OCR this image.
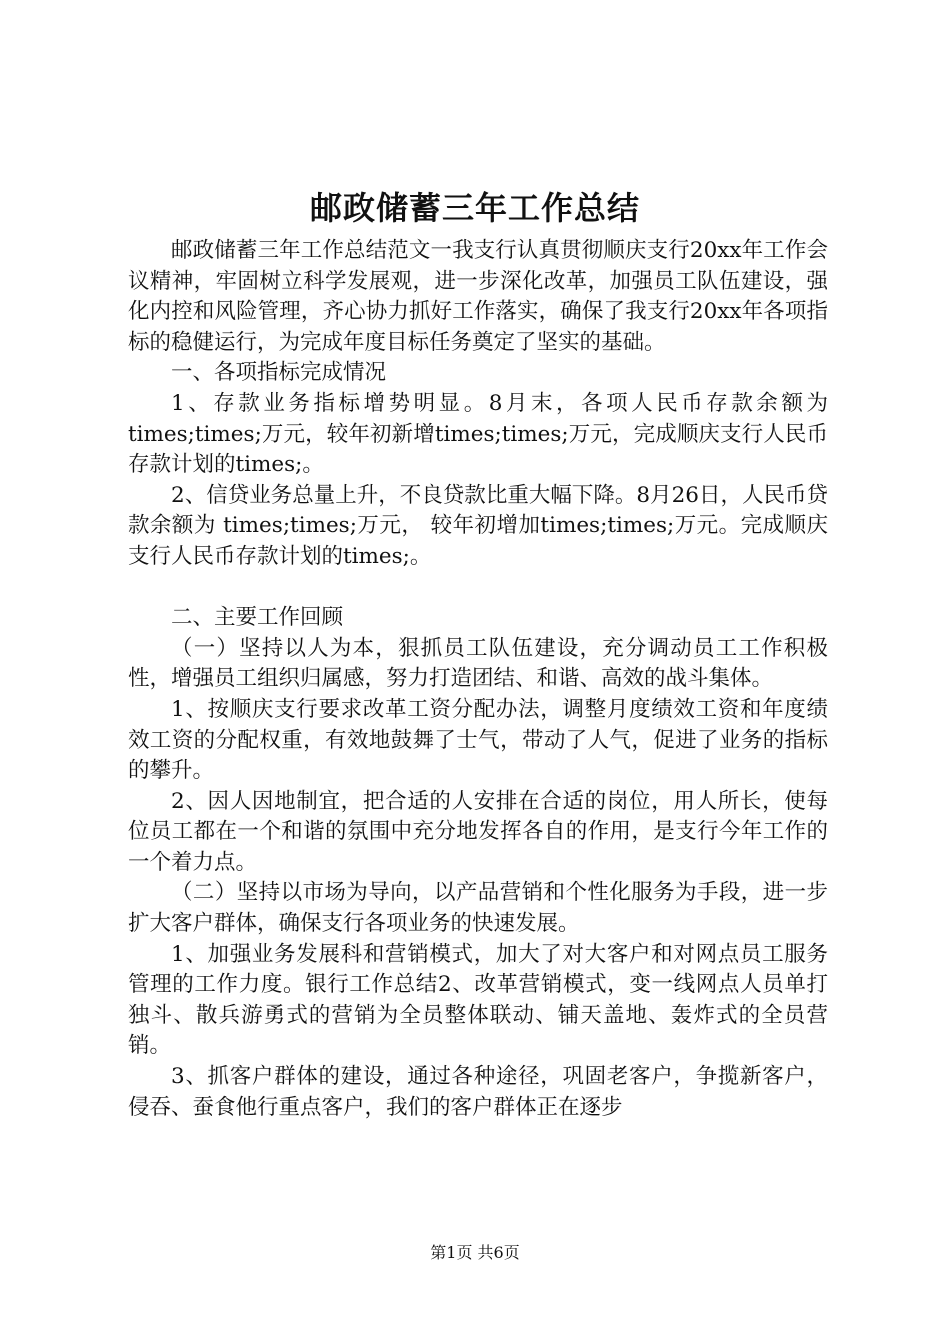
邮政储蓄三年工作总结

邮政储蓄三年工作总结范文一我支行认真贯彻顺庆支行20xx年工作会议精神，牢固树立科学发展观，进一步深化改革，加强员工队伍建设，强化内控和风险管理，齐心协力抓好工作落实，确保了我支行20xx年各项指标的稳健运行，为完成年度目标任务奠定了坚实的基础。

一、各项指标完成情况

1、存款业务指标增势明显。8月末，各项人民币存款余额为times;times;万元，较年初新增times;times;万元，完成顺庆支行人民币存款计划的times;。

2、信贷业务总量上升，不良贷款比重大幅下降。8月26日，人民币贷款余额为 times;times;万元， 较年初增加times;times;万元。完成顺庆支行人民币存款计划的times;。

二、主要工作回顾

（一）坚持以人为本，狠抓员工队伍建设，充分调动员工工作积极性，增强员工组织归属感，努力打造团结、和谐、高效的战斗集体。

1、按顺庆支行要求改革工资分配办法，调整月度绩效工资和年度绩效工资的分配权重，有效地鼓舞了士气，带动了人气，促进了业务的指标的攀升。

2、因人因地制宜，把合适的人安排在合适的岗位，用人所长，使每位员工都在一个和谐的氛围中充分地发挥各自的作用，是支行今年工作的一个着力点。

（二）坚持以市场为导向，以产品营销和个性化服务为手段，进一步扩大客户群体，确保支行各项业务的快速发展。

1、加强业务发展科和营销模式，加大了对大客户和对网点员工服务管理的工作力度。银行工作总结2、改革营销模式，变一线网点人员单打独斗、散兵游勇式的营销为全员整体联动、铺天盖地、轰炸式的全员营销。

3、抓客户群体的建设，通过各种途径，巩固老客户，争揽新客户，侵吞、蚕食他行重点客户，我们的客户群体正在逐步

第1页 共6页
